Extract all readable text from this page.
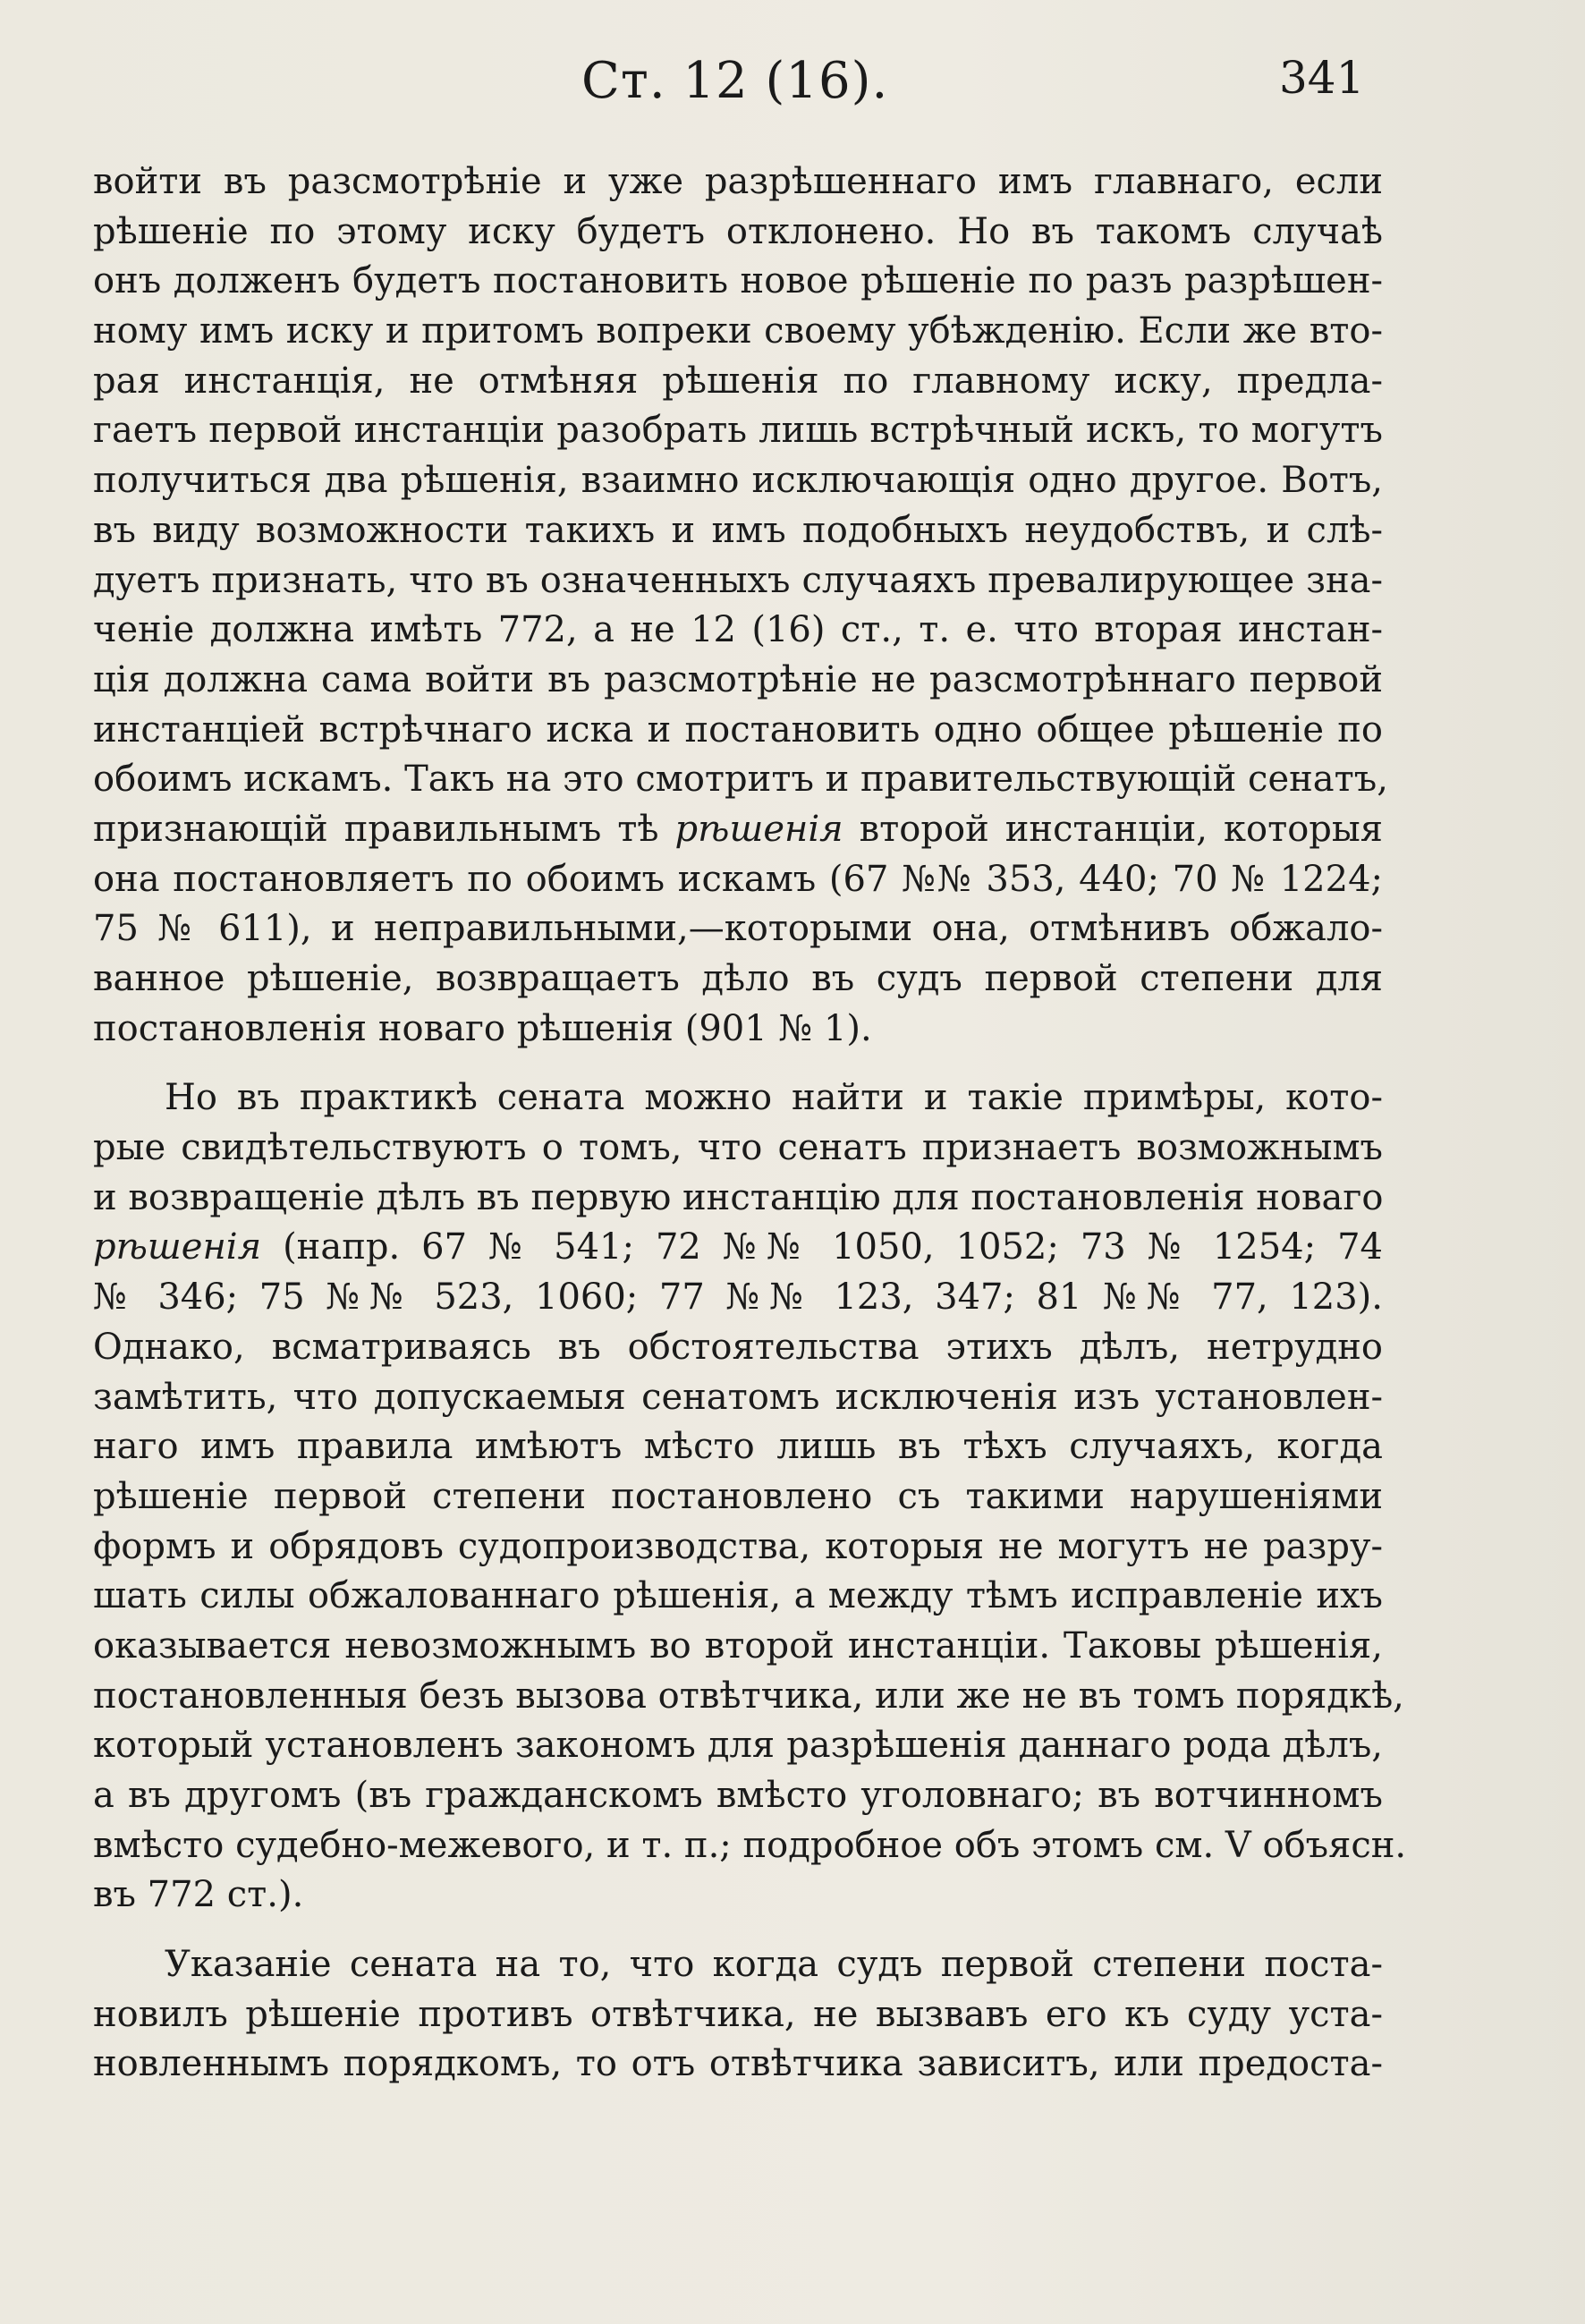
Ст. 12 (16).	341
войти въ разсмотрѣніе и уже разрѣшеннаго имъ главнаго, если
рѣшеніе по этому иску будетъ отклонено. Но въ такомъ случаѣ
онъ долженъ будетъ постановить новое рѣшеніе по разъ разрѣшен-
ному имъ иску и притомъ вопреки своему убѣжденію. Если же вто-
рая инстанція, не отмѣняя рѣшенія по главному иску, предла-
гаетъ первой инстанціи разобрать лишь встрѣчный искъ, то могутъ
получиться два рѣшенія, взаимно исключающія одно другое. Вотъ,
въ виду возможности такихъ и имъ подобныхъ неудобствъ, и слѣ-
дуетъ признать, что въ означенныхъ случаяхъ превалирующее зна-
ченіе должна имѣть 772, а не 12 (16) ст., т. е. что вторая инстан-
ція должна сама войти въ разсмотрѣніе не разсмотрѣннаго первой
инстанціей встрѣчнаго иска и постановить одно общее рѣшеніе по
обоимъ искамъ. Такъ на это смотритъ и правительствующій сенатъ,
признающій правильнымъ тѣ рѣшенія второй инстанціи, которыя
она постановляетъ по обоимъ искамъ (67 №№ 353, 440; 70 № 1224;
75 № 611), и неправильными,—которыми она, отмѣнивъ обжало-
ванное рѣшеніе, возвращаетъ дѣло въ судъ первой степени для
постановленія новаго рѣшенія (901 № 1).
Но въ практикѣ сената можно найти и такіе примѣры, кото-
рые свидѣтельствуютъ о томъ, что сенатъ признаетъ возможнымъ
и возвращеніе дѣлъ въ первую инстанцію для постановленія новаго
рѣшенія (напр. 67 № 541; 72 №№ 1050, 1052; 73 № 1254; 74
№ 346; 75 №№ 523, 1060; 77 №№ 123, 347; 81 №№ 77, 123).
Однако, всматриваясь въ обстоятельства этихъ дѣлъ, нетрудно
замѣтить, что допускаемыя сенатомъ исключенія изъ установлен-
наго имъ правила имѣютъ мѣсто лишь въ тѣхъ случаяхъ, когда
рѣшеніе первой степени постановлено съ такими нарушеніями
формъ и обрядовъ судопроизводства, которыя не могутъ не разру-
шать силы обжалованнаго рѣшенія, а между тѣмъ исправленіе ихъ
оказывается невозможнымъ во второй инстанціи. Таковы рѣшенія,
постановленныя безъ вызова отвѣтчика, или же не въ томъ порядкѣ,
который установленъ закономъ для разрѣшенія даннаго рода дѣлъ,
а въ другомъ (въ гражданскомъ вмѣсто уголовнаго; въ вотчинномъ
вмѣсто судебно-межевого, и т. п.; подробное объ этомъ см. V объясн.
въ 772 ст.).
Указаніе сената на то, что когда судъ первой степени поста-
новилъ рѣшеніе противъ отвѣтчика, не вызвавъ его къ суду уста-
новленнымъ порядкомъ, то отъ отвѣтчика зависитъ, или предоста-
